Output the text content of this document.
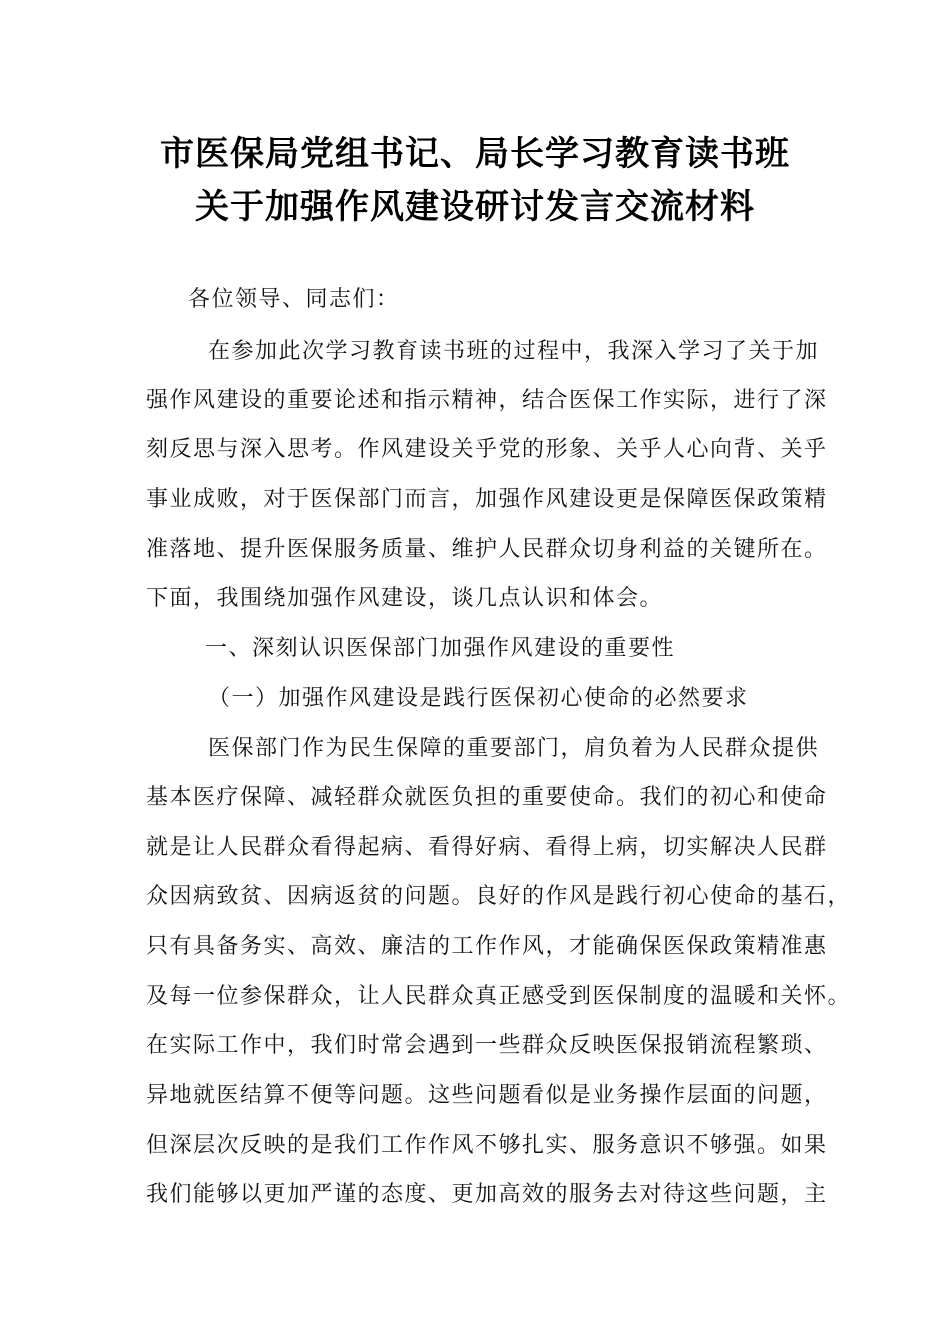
市医保局党组书记、局长学习教育读书班
关于加强作风建设研讨发言交流材料
各位领导、同志们：
在参加此次学习教育读书班的过程中，我深入学习了关于加
强作风建设的重要论述和指示精神，结合医保工作实际，进行了深
刻反思与深入思考。作风建设关乎党的形象、关乎人心向背、关乎
事业成败，对于医保部门而言，加强作风建设更是保障医保政策精
准落地、提升医保服务质量、维护人民群众切身利益的关键所在。
下面，我围绕加强作风建设，谈几点认识和体会。
一、深刻认识医保部门加强作风建设的重要性
（一）加强作风建设是践行医保初心使命的必然要求
医保部门作为民生保障的重要部门，肩负着为人民群众提供
基本医疗保障、减轻群众就医负担的重要使命。我们的初心和使命
就是让人民群众看得起病、看得好病、看得上病，切实解决人民群
众因病致贫、因病返贫的问题。良好的作风是践行初心使命的基石，
只有具备务实、高效、廉洁的工作作风，才能确保医保政策精准惠
及每一位参保群众，让人民群众真正感受到医保制度的温暖和关怀。
在实际工作中，我们时常会遇到一些群众反映医保报销流程繁琐、
异地就医结算不便等问题。这些问题看似是业务操作层面的问题，
但深层次反映的是我们工作作风不够扎实、服务意识不够强。如果
我们能够以更加严谨的态度、更加高效的服务去对待这些问题，主
